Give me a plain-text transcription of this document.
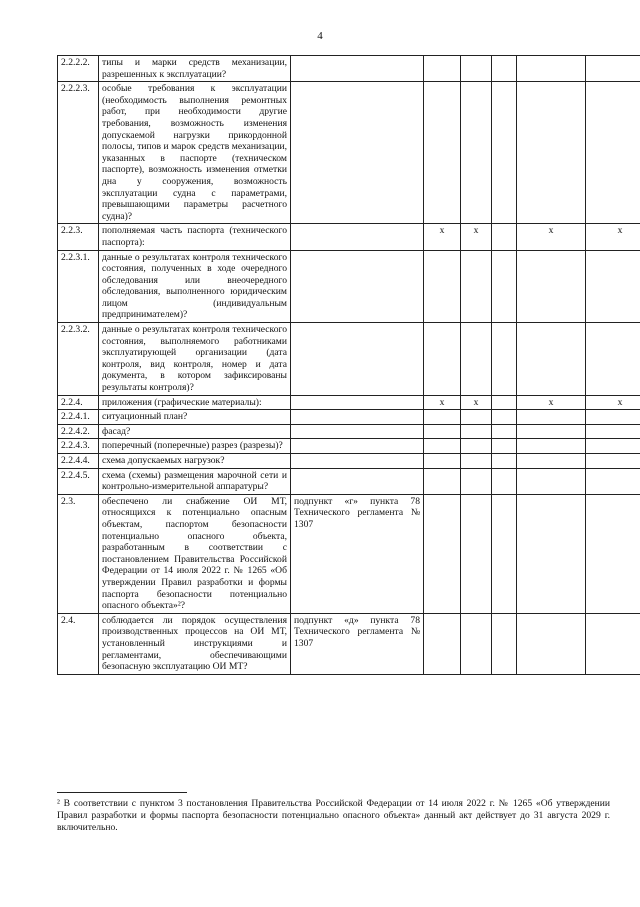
4
2.2.2.2.	типы и марки средств механизации, разрешенных к эксплуатации?						
2.2.2.3.	особые требования к эксплуатации (необходимость выполнения ремонтных работ, при необходимости другие требования, возможность изменения допускаемой нагрузки прикордонной полосы, типов и марок средств механизации, указанных в паспорте (техническом паспорте), возможность изменения отметки дна у сооружения, возможность эксплуатации судна с параметрами, превышающими параметры расчетного судна)?						
2.2.3.	пополняемая часть паспорта (технического паспорта):		x	x		x	x
2.2.3.1.	данные о результатах контроля технического состояния, полученных в ходе очередного обследования или внеочередного обследования, выполненного юридическим лицом (индивидуальным предпринимателем)?						
2.2.3.2.	данные о результатах контроля технического состояния, выполняемого работниками эксплуатирующей организации (дата контроля, вид контроля, номер и дата документа, в котором зафиксированы результаты контроля)?						
2.2.4.	приложения (графические материалы):		x	x		x	x
2.2.4.1.	ситуационный план?						
2.2.4.2.	фасад?						
2.2.4.3.	поперечный (поперечные) разрез (разрезы)?						
2.2.4.4.	схема допускаемых нагрузок?						
2.2.4.5.	схема (схемы) размещения марочной сети и контрольно-измерительной аппаратуры?						
2.3.	обеспечено ли снабжение ОИ МТ, относящихся к потенциально опасным объектам, паспортом безопасности потенциально опасного объекта, разработанным в соответствии с постановлением Правительства Российской Федерации от 14 июля 2022 г. № 1265 «Об утверждении Правил разработки и формы паспорта безопасности потенциально опасного объекта»²?	подпункт «г» пункта 78 Технического регламента № 1307					
2.4.	соблюдается ли порядок осуществления производственных процессов на ОИ МТ, установленный инструкциями и регламентами, обеспечивающими безопасную эксплуатацию ОИ МТ?	подпункт «д» пункта 78 Технического регламента № 1307					
² В соответствии с пунктом 3 постановления Правительства Российской Федерации от 14 июля 2022 г. № 1265 «Об утверждении Правил разработки и формы паспорта безопасности потенциально опасного объекта» данный акт действует до 31 августа 2029 г. включительно.
